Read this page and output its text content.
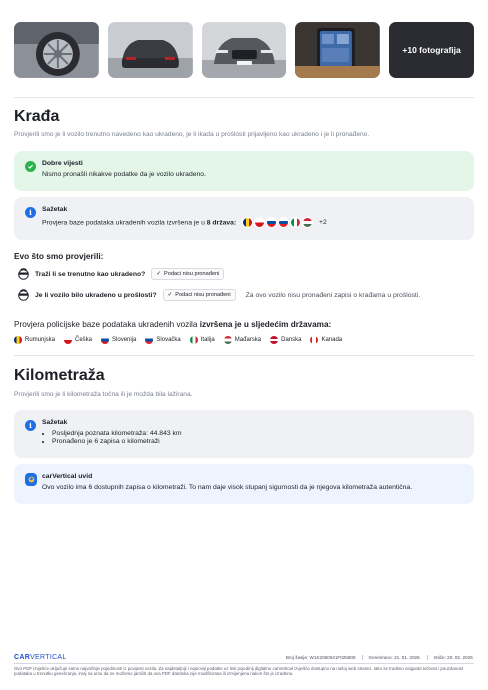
+10 fotografija
Krađa
Provjerili smo je li vozilo trenutno navedeno kao ukradeno, je li ikada u prošlosti prijavljeno kao ukradeno i je li pronađeno.
Dobre vijesti
Nismo pronašli nikakve podatke da je vozilo ukradeno.
i Sažetak
Provjera baze podataka ukradenih vozila izvršena je u 8 država:	+2
Evo što smo provjerili:
Traži li se trenutno kao ukradeno? ✓ Podaci nisu pronađeni
Je li vozilo bilo ukradeno u prošlosti? ✓ Podaci nisu pronađeni Za ovo vozilo nisu pronađeni zapisi o krađama u prošlosti.
Provjera policijske baze podataka ukradenih vozila izvršena je u sljedećim državama:
Rumunjska	Češka	Slovenija	Slovačka	Italija	Mađarska	Danska	Kanada
Kilometraža
Provjerili smo je li kilometraža točna ili je možda bila lažirana.
i Sažetak
• Posljednja poznata kilometraža: 44.843 km
• Pronađeno je 6 zapisa o kilometraži
carVertical uvid
Ovo vozilo ima 6 dostupnih zapisa o kilometraži. To nam daje visok stupanj sigurnosti da je njegova kilometraža autentična.
CARVERTICAL	Broj šasije: W1K2060041F025808	Generirano: 21. 01. 2026.	Ističe: 20. 02. 2026.
Ovo PDF izvješće uključuje samo najvažnije pojedinosti iz povijesti vozila. Za najdetaljniji i najnoviji podatke uz link pojedinij digitalno carVertical izvješće dostupno na našoj web stranici. Iako se trudimo osigurati točnost i pouzdanost podataka u trenutku generiranja, imaj na umu da ne možemo jamčiti da ova PDF datoteka nije modificirana ili izmijenjena nakon što je izrađena.
